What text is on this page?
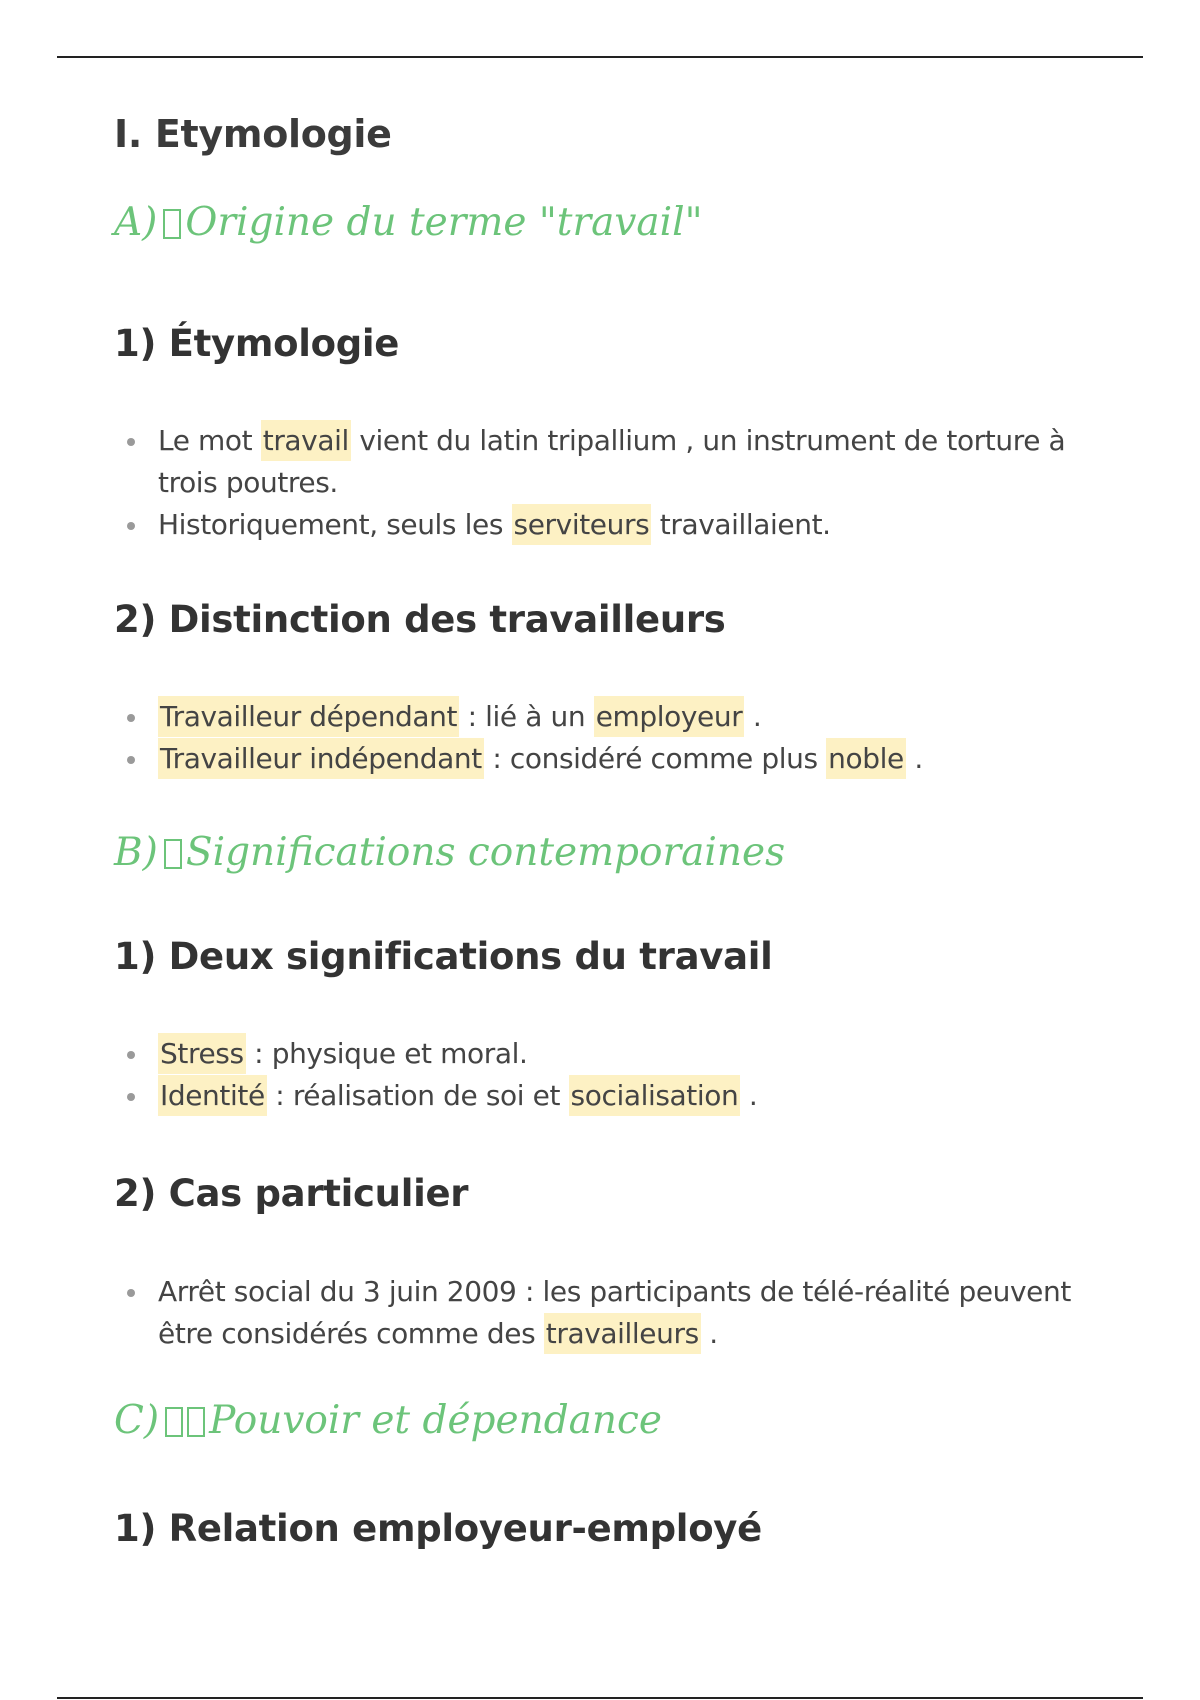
I. Etymologie
A) Origine du terme "travail"
1) Étymologie
Le mot travail vient du latin tripallium , un instrument de torture à trois poutres.
Historiquement, seuls les serviteurs travaillaient.
2) Distinction des travailleurs
Travailleur dépendant : lié à un employeur .
Travailleur indépendant : considéré comme plus noble .
B) Significations contemporaines
1) Deux significations du travail
Stress : physique et moral.
Identité : réalisation de soi et socialisation .
2) Cas particulier
Arrêt social du 3 juin 2009 : les participants de télé-réalité peuvent être considérés comme des travailleurs .
C) Pouvoir et dépendance
1) Relation employeur-employé
